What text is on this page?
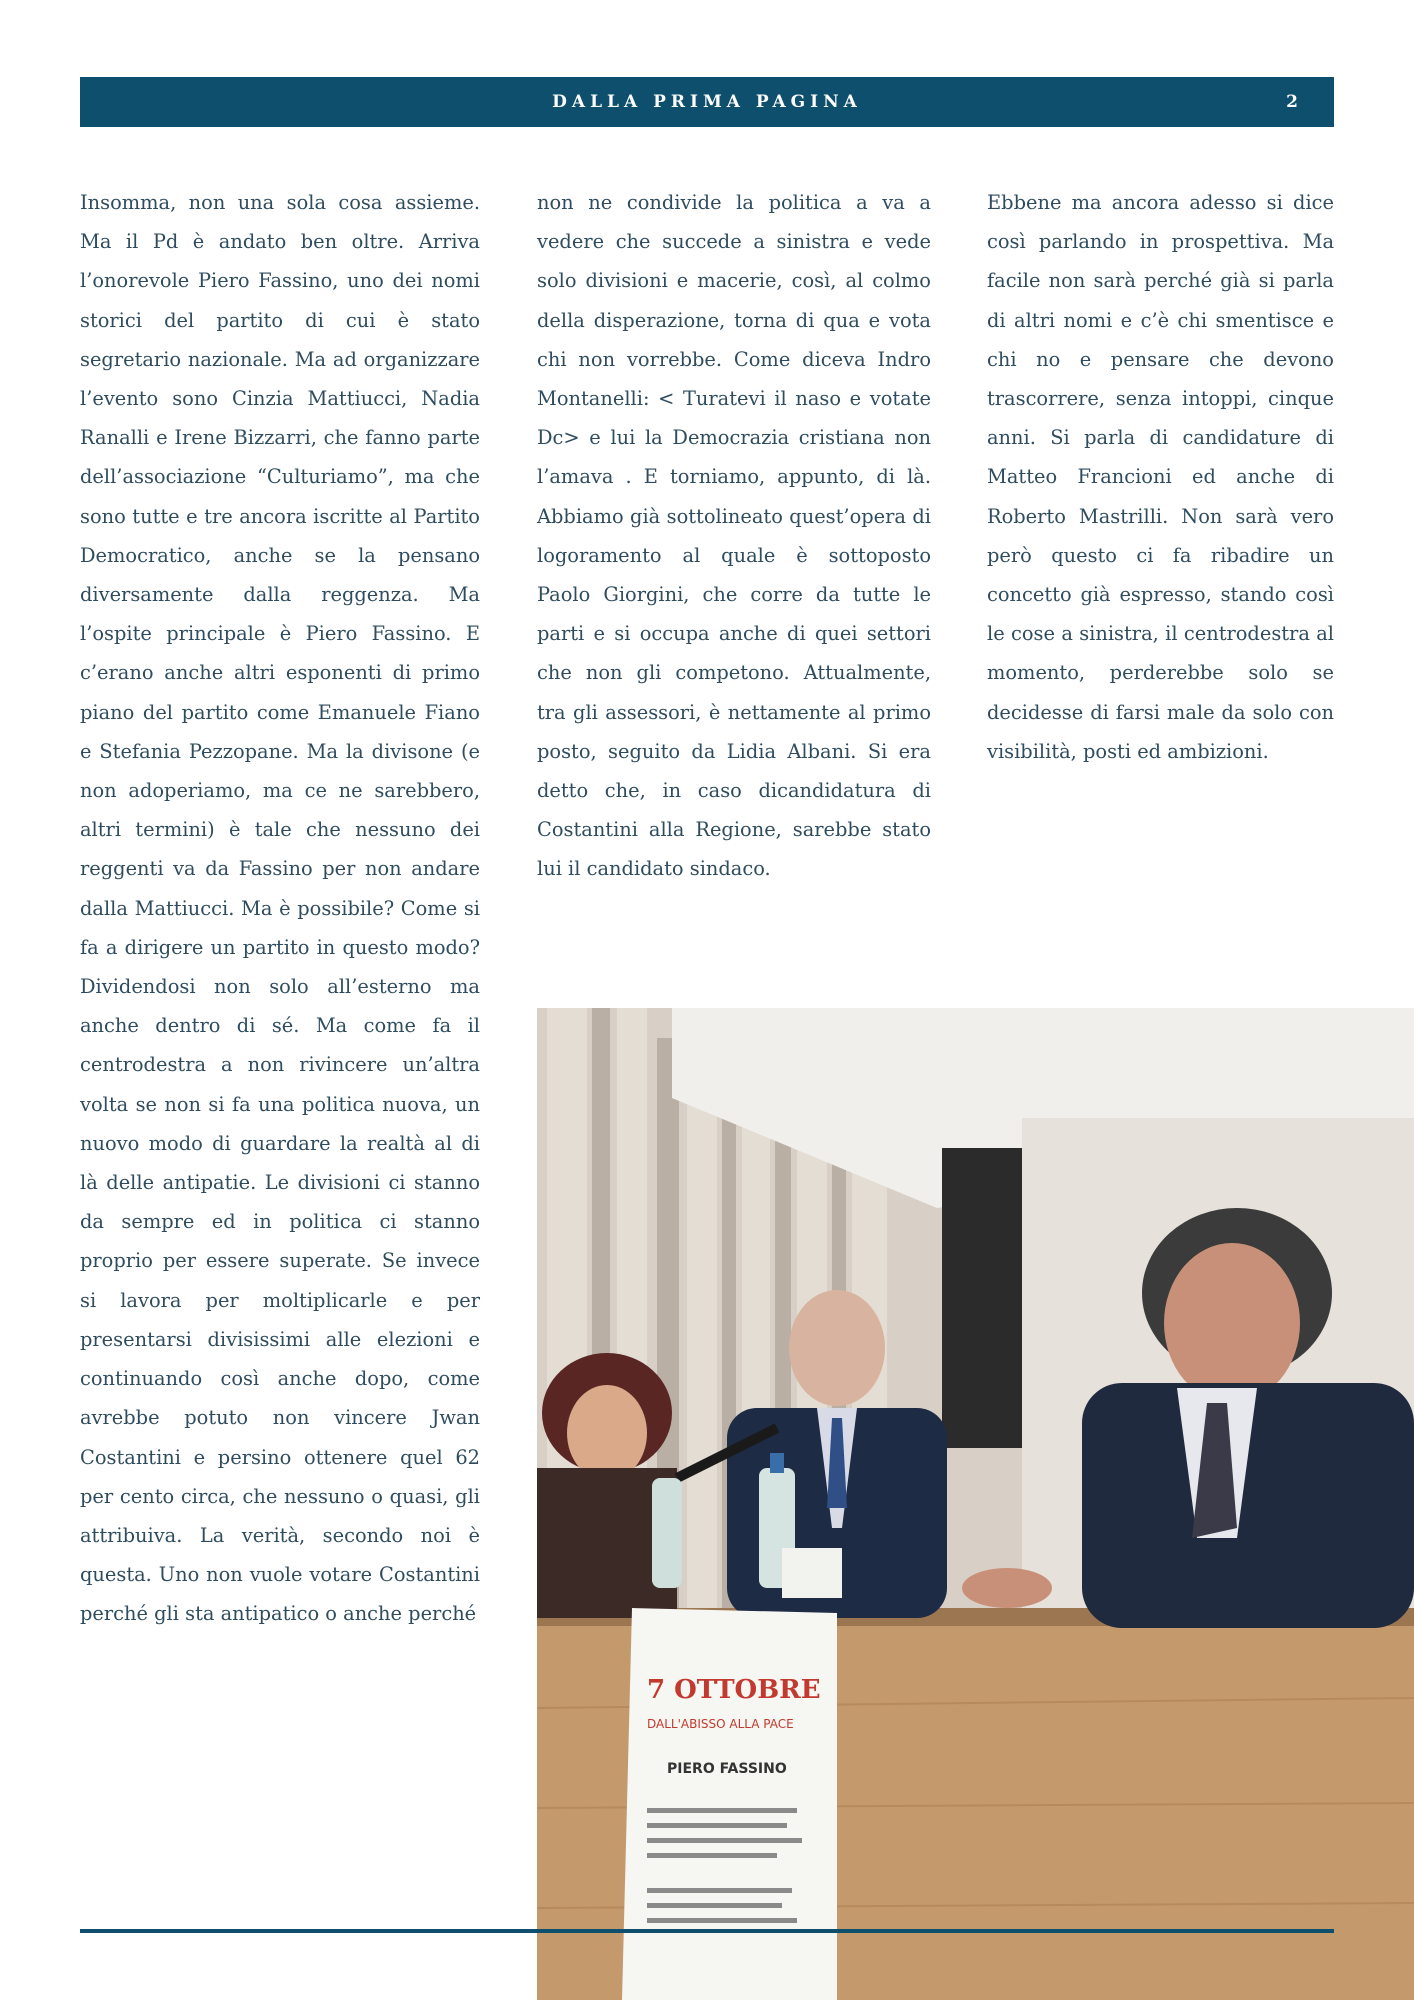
DALLA PRIMA PAGINA	2
Insomma, non una sola cosa assieme. Ma il Pd è andato ben oltre. Arriva l’onorevole Piero Fassino, uno dei nomi storici del partito di cui è stato segretario nazionale. Ma ad organizzare l’evento sono Cinzia Mattiucci, Nadia Ranalli e Irene Bizzarri, che fanno parte dell’associazione “Culturiamo”, ma che sono tutte e tre ancora iscritte al Partito Democratico, anche se la pensano diversamente dalla reggenza. Ma l’ospite principale è Piero Fassino. E c’erano anche altri esponenti di primo piano del partito come Emanuele Fiano e Stefania Pezzopane. Ma la divisone (e non adoperiamo, ma ce ne sarebbero, altri termini) è tale che nessuno dei reggenti va da Fassino per non andare dalla Mattiucci. Ma è possibile? Come si fa a dirigere un partito in questo modo? Dividendosi non solo all’esterno ma anche dentro di sé. Ma come fa il centrodestra a non rivincere un’altra volta se non si fa una politica nuova, un nuovo modo di guardare la realtà al di là delle antipatie. Le divisioni ci stanno da sempre ed in politica ci stanno proprio per essere superate. Se invece si lavora per moltiplicarle e per presentarsi divisissimi alle elezioni e continuando così anche dopo, come avrebbe potuto non vincere Jwan Costantini e persino ottenere quel 62 per cento circa, che nessuno o quasi, gli attribuiva. La verità, secondo noi è questa. Uno non vuole votare Costantini perché gli sta antipatico o anche perché
non ne condivide la politica a va a vedere che succede a sinistra e vede solo divisioni e macerie, così, al colmo della disperazione, torna di qua e vota chi non vorrebbe. Come diceva Indro Montanelli: < Turatevi il naso e votate Dc> e lui la Democrazia cristiana non l’amava . E torniamo, appunto, di là. Abbiamo già sottolineato quest’opera di logoramento al quale è sottoposto Paolo Giorgini, che corre da tutte le parti e si occupa anche di quei settori che non gli competono. Attualmente, tra gli assessori, è nettamente al primo posto, seguito da Lidia Albani. Si era detto che, in caso dicandidatura di Costantini alla Regione, sarebbe stato lui il candidato sindaco.
Ebbene ma ancora adesso si dice così parlando in prospettiva. Ma facile non sarà perché già si parla di altri nomi e c’è chi smentisce e chi no e pensare che devono trascorrere, senza intoppi, cinque anni. Si parla di candidature di Matteo Francioni ed anche di Roberto Mastrilli. Non sarà vero però questo ci fa ribadire un concetto già espresso, stando così le cose a sinistra, il centrodestra al momento, perderebbe solo se decidesse di farsi male da solo con visibilità, posti ed ambizioni.
7 OTTOBRE
DALL'ABISSO ALLA PACE
PIERO FASSINO
